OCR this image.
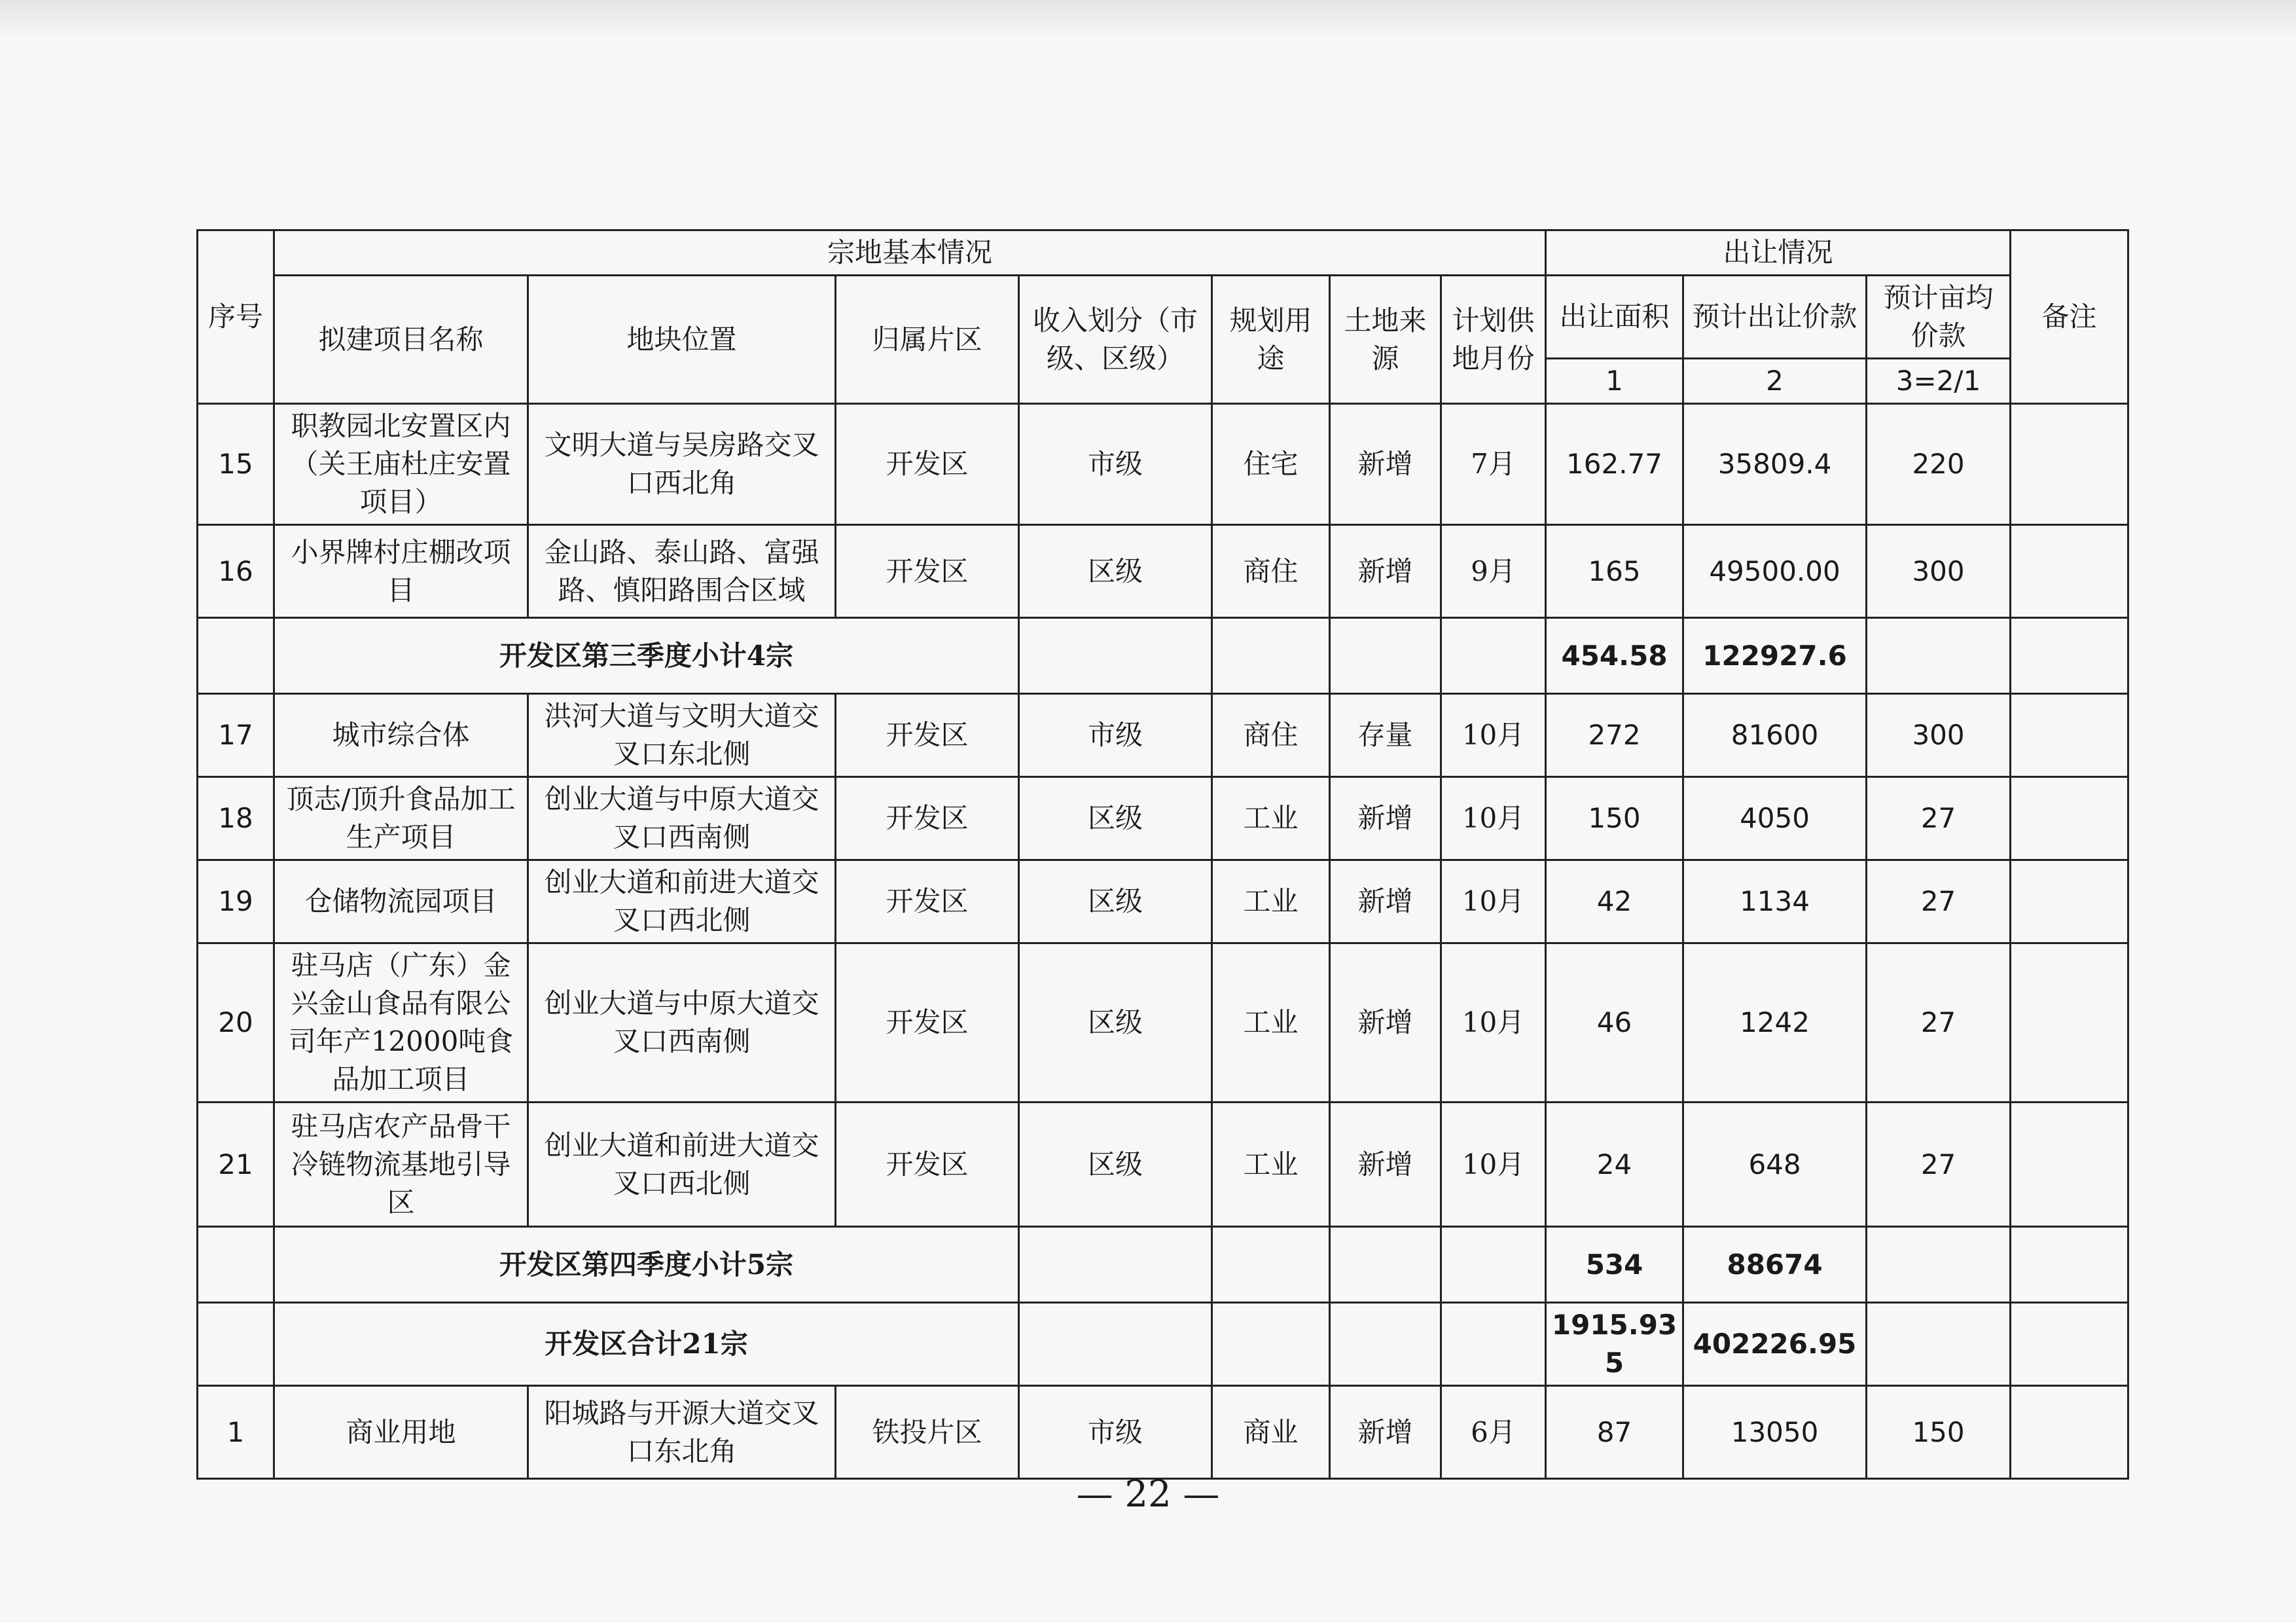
序号	宗地基本情况							出让情况			备注
	拟建项目名称	地块位置	归属片区	收入划分（市级、区级）	规划用途	土地来源	计划供地月份	出让面积	预计出让价款	预计亩均价款	
								1	2	3=2/1	
15	职教园北安置区内（关王庙杜庄安置项目）	文明大道与吴房路交叉口西北角	开发区	市级	住宅	新增	7月	162.77	35809.4	220	
16	小界牌村庄棚改项目	金山路、泰山路、富强路、慎阳路围合区域	开发区	区级	商住	新增	9月	165	49500.00	300	
	开发区第三季度小计4宗							454.58	122927.6		
17	城市综合体	洪河大道与文明大道交叉口东北侧	开发区	市级	商住	存量	10月	272	81600	300	
18	顶志/顶升食品加工生产项目	创业大道与中原大道交叉口西南侧	开发区	区级	工业	新增	10月	150	4050	27	
19	仓储物流园项目	创业大道和前进大道交叉口西北侧	开发区	区级	工业	新增	10月	42	1134	27	
20	驻马店（广东）金兴金山食品有限公司年产12000吨食品加工项目	创业大道与中原大道交叉口西南侧	开发区	区级	工业	新增	10月	46	1242	27	
21	驻马店农产品骨干冷链物流基地引导区	创业大道和前进大道交叉口西北侧	开发区	区级	工业	新增	10月	24	648	27	
	开发区第四季度小计5宗							534	88674		
	开发区合计21宗							1915.935	402226.95		
1	商业用地	阳城路与开源大道交叉口东北角	铁投片区	市级	商业	新增	6月	87	13050	150	
— 22 —
